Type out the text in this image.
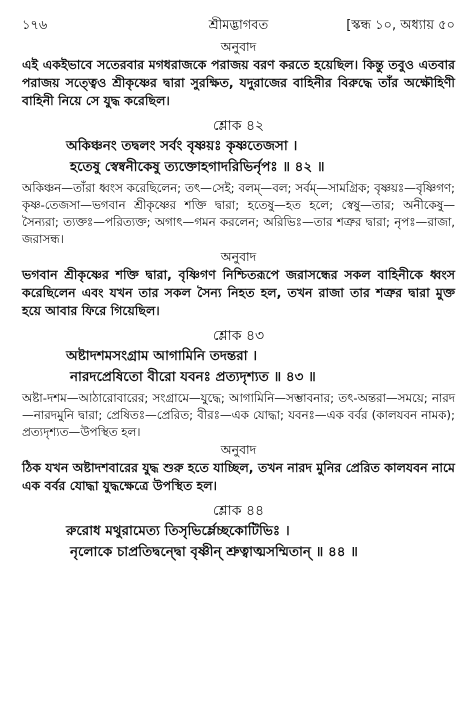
১৭৬	শ্রীমদ্ভাগবত	[স্কন্ধ ১০, অধ্যায় ৫০
অনুবাদ

এই একইভাবে সতেরবার মগধরাজকে পরাজয় বরণ করতে হয়েছিল। কিন্তু তবুও এতবার পরাজয় সত্ত্বেও শ্রীকৃষ্ণের দ্বারা সুরক্ষিত, যদুরাজের বাহিনীর বিরুদ্ধে তাঁর অক্ষৌহিণী বাহিনী নিয়ে সে যুদ্ধ করেছিল।

শ্লোক ৪২

অকিঞ্চনং তদ্বলং সর্বং বৃষ্ণয়ঃ কৃষ্ণতেজসা ।

হতেষু স্বেষ্বনীকেষু ত্যক্তোহগাদরিভির্নৃপঃ ॥ ৪২ ॥

অকিঞ্চন—তাঁরা ধ্বংস করেছিলেন; তৎ—সেই; বলম্‌—বল; সর্বম্‌—সামগ্রিক; বৃষ্ণয়ঃ—বৃষ্ণিগণ; কৃষ্ণ-তেজসা—ভগবান শ্রীকৃষ্ণের শক্তি দ্বারা; হতেষু—হত হলে; স্বেষু—তার; অনীকেষু—সৈন্যরা; ত্যক্তঃ—পরিত্যক্ত; অগাৎ—গমন করলেন; অরিভিঃ—তার শত্রুর দ্বারা; নৃপঃ—রাজা, জরাসন্ধ।

অনুবাদ

ভগবান শ্রীকৃষ্ণের শক্তি দ্বারা, বৃষ্ণিগণ নিশ্চিতরূপে জরাসন্ধের সকল বাহিনীকে ধ্বংস করেছিলেন এবং যখন তার সকল সৈন্য নিহত হল, তখন রাজা তার শত্রুর দ্বারা মুক্ত হয়ে আবার ফিরে গিয়েছিল।

শ্লোক ৪৩

অষ্টাদশমসংগ্রাম আগামিনি তদন্তরা ।

নারদপ্রেষিতো বীরো যবনঃ প্রত্যদৃশ্যত ॥ ৪৩ ॥

অষ্টা-দশম—আঠারোবারের; সংগ্রামে—যুদ্ধে; আগামিনি—সম্ভাবনার; তৎ-অন্তরা—সময়ে; নারদ—নারদমুনি দ্বারা; প্রেষিতঃ—প্রেরিত; বীরঃ—এক যোদ্ধা; যবনঃ—এক বর্বর (কালযবন নামক); প্রত্যদৃশ্যত—উপস্থিত হল।

অনুবাদ

ঠিক যখন অষ্টাদশবারের যুদ্ধ শুরু হতে যাচ্ছিল, তখন নারদ মুনির প্রেরিত কালযবন নামে এক বর্বর যোদ্ধা যুদ্ধক্ষেত্রে উপস্থিত হল।

শ্লোক ৪৪

রুরোধ মথুরামেত্য তিসৃভির্ম্লেচ্ছকোটিভিঃ ।

নৃলোকে চাপ্রতিদ্বন্দ্বো বৃষ্ণীন্‌ শ্রুত্বাত্মসম্মিতান্‌ ॥ ৪৪ ॥
